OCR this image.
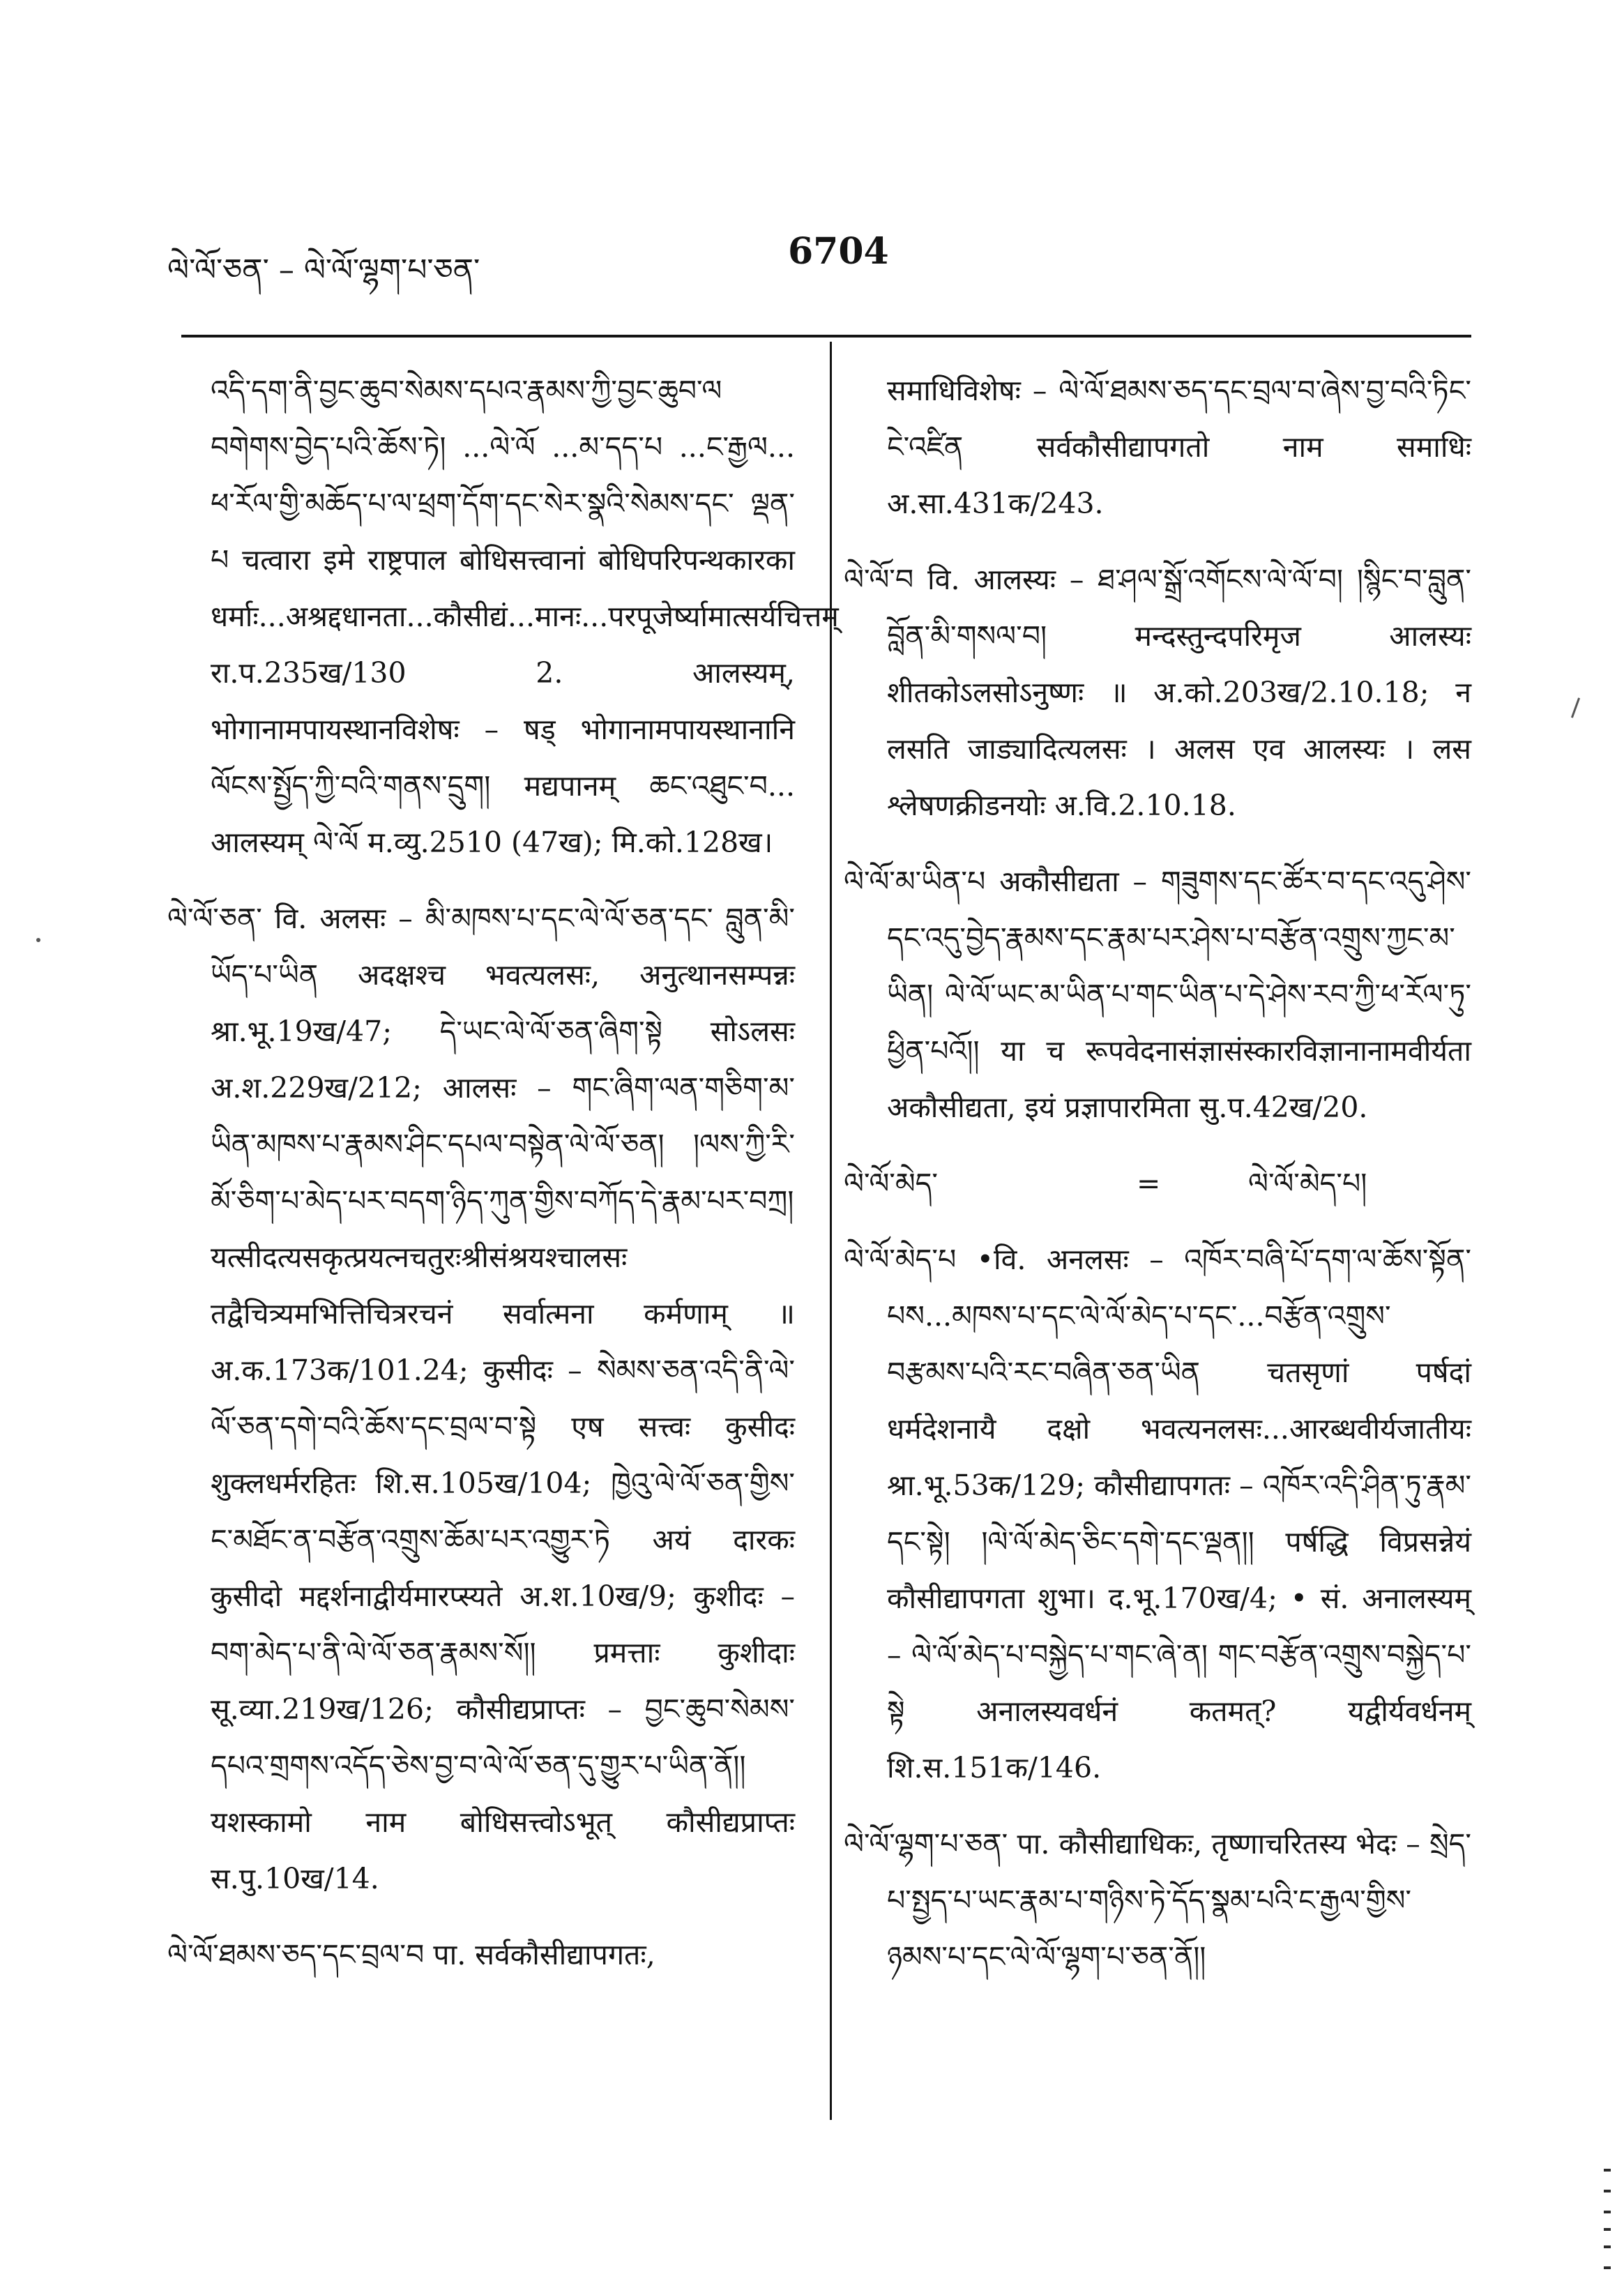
ལེ་ལོ་ཅན་ – ལེ་ལོ་ལྷག་པ་ཅན་	6704

འདི་དག་ནི་བྱང་ཆུབ་སེམས་དཔའ་རྣམས་ཀྱི་བྱང་ཆུབ་ལ བགེགས་བྱེད་པའི་ཆོས་ཏེ། ...ལེ་ལོ ...མ་དད་པ ...ང་རྒྱལ... ཕ་རོལ་གྱི་མཆོད་པ་ལ་ཕྲག་དོག་དང་སེར་སྣའི་སེམས་དང་ ལྡན་པ चत्वारा इमे राष्ट्रपाल बोधिसत्त्वानां बोधिपरिपन्थकारका धर्माः...अश्रद्दधानता...कौसीद्यं...मानः...परपूजेर्ष्यामात्सर्यचित्तम् रा.प.235ख/130 2. आलस्यम्, भोगानामपायस्थानविशेषः – षड् भोगानामपायस्थानानि ལོངས་སྤྱོད་ཀྱི་བའི་གནས་དྲུག། मद्यपानम् ཆང་འཐུང་བ... आलस्यम् ལེ་ལོ म.व्यु.2510 (47ख); मि.को.128ख।

ལེ་ལོ་ཅན་ वि. अलसः – མི་མཁས་པ་དང་ལེ་ལོ་ཅན་དང་ བླུན་མི་ཡོད་པ་ཡིན अदक्षश्च भवत्यलसः, अनुत्थानसम्पन्नः श्रा.भू.19ख/47; དེ་ཡང་ལེ་ལོ་ཅན་ཞིག་སྟེ सोऽलसः अ.श.229ख/212; आलसः – གང་ཞིག་ལན་གཅིག་མ་ཡིན་མཁས་པ་རྣམས་ཤིང་དཔལ་བསྟེན་ལེ་ལོ་ཅན། །ལས་ཀྱི་རི་མོ་ཅིག་པ་མེད་པར་བདག་ཉིད་ཀུན་གྱིས་བཀོད་དེ་རྣམ་པར་བཀྲ། यत्सीदत्यसकृत्प्रयत्नचतुरःश्रीसंश्रयश्चालसः तद्वैचित्र्यमभित्तिचित्ररचनं सर्वात्मना कर्मणाम् ॥ अ.क.173क/101.24; कुसीदः – སེམས་ཅན་འདི་ནི་ལེ་ལོ་ཅན་དགེ་བའི་ཆོས་དང་བྲལ་བ་སྟེ एष सत्त्वः कुसीदः शुक्लधर्मरहितः शि.स.105ख/104; ཁྱེའུ་ལེ་ལོ་ཅན་གྱིས་ང་མཐོང་ན་བརྩོན་འགྲུས་ཆོམ་པར་འགྱུར་ཏེ अयं दारकः कुसीदो मद्दर्शनाद्वीर्यमारप्स्यते अ.श.10ख/9; कुशीदः – བག་མེད་པ་ནི་ལེ་ལོ་ཅན་རྣམས་སོ།། प्रमत्ताः कुशीदाः सू.व्या.219ख/126; कौसीद्यप्राप्तः – བྱང་ཆུབ་སེམས་དཔའ་གྲགས་འདོད་ཅེས་བྱ་བ་ལེ་ལོ་ཅན་དུ་གྱུར་པ་ཡིན་ནོ།། यशस्कामो नाम बोधिसत्त्वोऽभूत् कौसीद्यप्राप्तः स.पु.10ख/14.

ལེ་ལོ་ཐམས་ཅད་དང་བྲལ་བ पा. सर्वकौसीद्यापगतः,

समाधिविशेषः – ལེ་ལོ་ཐམས་ཅད་དང་བྲལ་བ་ཞེས་བྱ་བའི་ཏིང་ངེ་འཛིན सर्वकौसीद्यापगतो नाम समाधिः अ.सा.431क/243.

ལེ་ལོ་བ वि. आलस्यः – ཐ་ཤལ་སྒྲོ་འགོངས་ལེ་ལོ་བ། །སྙིང་བ་བླུན་བློན་མི་གསལ་བ། मन्दस्तुन्दपरिमृज आलस्यः शीतकोऽलसोऽनुष्णः ॥ अ.को.203ख/2.10.18; न लसति जाड्यादित्यलसः । अलस एव आलस्यः । लस श्लेषणक्रीडनयोः अ.वि.2.10.18.

ལེ་ལོ་མ་ཡིན་པ अकौसीद्यता – གཟུགས་དང་ཚོར་བ་དང་འདུ་ཤེས་དང་འདུ་བྱེད་རྣམས་དང་རྣམ་པར་ཤེས་པ་བརྩོན་འགྲུས་ཀྱང་མ་ཡིན། ལེ་ལོ་ཡང་མ་ཡིན་པ་གང་ཡིན་པ་དེ་ཤེས་རབ་ཀྱི་ཕ་རོལ་ཏུ་ཕྱིན་པའོ།། या च रूपवेदनासंज्ञासंस्कारविज्ञानानामवीर्यता अकौसीद्यता, इयं प्रज्ञापारमिता सु.प.42ख/20.

ལེ་ལོ་མེད་	=	ལེ་ལོ་མེད་པ།

ལེ་ལོ་མེད་པ •वि. अनलसः – འཁོར་བཞི་པོ་དག་ལ་ཆོས་སྟོན་པས...མཁས་པ་དང་ལེ་ལོ་མེད་པ་དང་...བརྩོན་འགྲུས་བརྩམས་པའི་རང་བཞིན་ཅན་ཡིན चतसृणां पर्षदां धर्मदेशनायै दक्षो भवत्यनलसः...आरब्धवीर्यजातीयः श्रा.भू.53क/129; कौसीद्यापगतः – འཁོར་འདི་ཤིན་ཏུ་རྣམ་དང་སྟེ། །ལེ་ལོ་མེད་ཅིང་དགེ་དང་ལྡན།། पर्षद्धि विप्रसन्नेयं कौसीद्यापगता शुभा। द.भू.170ख/4; • सं. अनालस्यम् – ལེ་ལོ་མེད་པ་བསྐྱེད་པ་གང་ཞེ་ན། གང་བརྩོན་འགྲུས་བསྐྱེད་པ་སྟེ अनालस्यवर्धनं कतमत्? यद्वीर्यवर्धनम् शि.स.151क/146.

ལེ་ལོ་ལྷག་པ་ཅན་ पा. कौसीद्याधिकः, तृष्णाचरितस्य भेदः – སྲེད་པ་སྤྱད་པ་ཡང་རྣམ་པ་གཉིས་ཏེ་དོད་སྣམ་པའི་ང་རྒྱལ་གྱིས་ཉམས་པ་དང་ལེ་ལོ་ལྷག་པ་ཅན་ནོ།།
